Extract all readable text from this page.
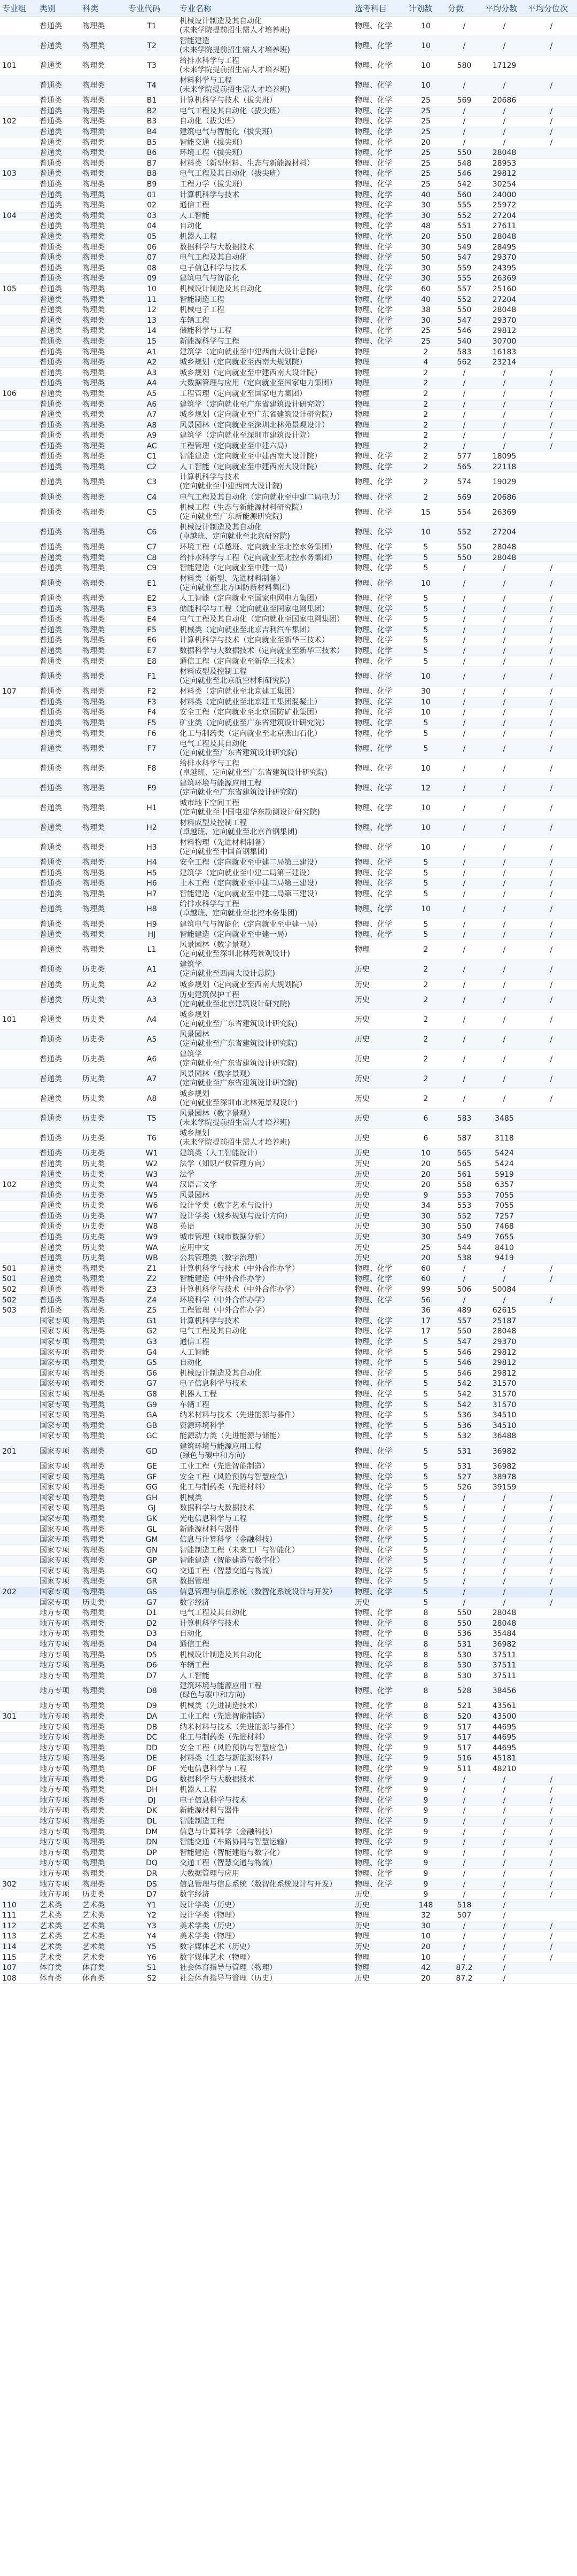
专业组	类别	科类	专业代码	专业名称	选考科目	计划数	分数	平均分数	平均分位次
	普通类	物理类	T1	机械设计制造及其自动化
(未来学院提前招生需人才培养班)	物理、化学	10	/	/	/
	普通类	物理类	T2	智能建造
(未来学院提前招生需人才培养班)	物理、化学	10	/	/	/
101	普通类	物理类	T3	给排水科学与工程
(未来学院提前招生需人才培养班)	物理、化学	10	580	17129	
	普通类	物理类	T4	材料科学与工程
(未来学院提前招生需人才培养班)	物理、化学	10	/	/	/
	普通类	物理类	B1	计算机科学与技术（拔尖班）	物理、化学	25	569	20686	
	普通类	物理类	B2	电气工程及其自动化（拔尖班）	物理、化学	25	/	/	/
102	普通类	物理类	B3	自动化（拔尖班）	物理、化学	25	/	/	/
	普通类	物理类	B4	建筑电气与智能化（拔尖班）	物理、化学	25	/	/	/
	普通类	物理类	B5	智能交通（拔尖班）	物理、化学	20	/	/	/
	普通类	物理类	B6	环境工程（拔尖班）	物理、化学	25	550	28048	
	普通类	物理类	B7	材料类（新型材料、生态与新能源材料）	物理、化学	25	548	28953	
103	普通类	物理类	B8	电气工程及其自动化（拔尖班）	物理、化学	25	546	29812	
	普通类	物理类	B9	工程力学（拔尖班）	物理、化学	25	542	30254	
	普通类	物理类	01	计算机科学与技术	物理、化学	40	560	24000	
	普通类	物理类	02	通信工程	物理、化学	30	555	25972	
104	普通类	物理类	03	人工智能	物理、化学	30	552	27204	
	普通类	物理类	04	自动化	物理、化学	48	551	27611	
	普通类	物理类	05	机器人工程	物理、化学	20	550	28048	
	普通类	物理类	06	数据科学与大数据技术	物理、化学	30	549	28495	
	普通类	物理类	07	电气工程及其自动化	物理、化学	50	547	29370	
	普通类	物理类	08	电子信息科学与技术	物理、化学	30	559	24395	
	普通类	物理类	09	建筑电气与智能化	物理、化学	30	555	26369	
105	普通类	物理类	10	机械设计制造及其自动化	物理、化学	60	557	25160	
	普通类	物理类	11	智能制造工程	物理、化学	40	552	27204	
	普通类	物理类	12	机械电子工程	物理、化学	38	550	28048	
	普通类	物理类	13	车辆工程	物理、化学	30	547	29370	
	普通类	物理类	14	储能科学与工程	物理、化学	25	546	29812	
	普通类	物理类	15	新能源科学与工程	物理、化学	25	540	30700	
	普通类	物理类	A1	建筑学（定向就业至中建西南大设计总院）	物理	2	583	16183	
	普通类	物理类	A2	城乡规划（定向就业至西南大规划院）	物理	4	562	23214	
	普通类	物理类	A3	城乡规划（定向就业至中建西南大设计院）	物理	2	/	/	/
	普通类	物理类	A4	大数据管理与应用（定向就业至国家电力集团）	物理	2	/	/	/
106	普通类	物理类	A5	工程管理（定向就业至国家电力集团）	物理	2	/	/	/
	普通类	物理类	A6	建筑学（定向就业至广东省建筑设计研究院）	物理	2	/	/	/
	普通类	物理类	A7	城乡规划（定向就业至广东省建筑设计研究院）	物理	2	/	/	/
	普通类	物理类	A8	风景园林（定向就业至深圳北林苑景观设计）	物理	2	/	/	/
	普通类	物理类	A9	建筑学（定向就业至深圳市建筑设计院）	物理	2	/	/	/
	普通类	物理类	AC	工程管理（定向就业至中建六局）	物理	2	/	/	/
	普通类	物理类	C1	智能建造（定向就业至中建西南大设计院）	物理、化学	2	577	18095	
	普通类	物理类	C2	人工智能（定向就业至中建西南大设计院）	物理、化学	2	565	22118	
	普通类	物理类	C3	计算机科学与技术
(定向就业至中建西南大设计院)	物理、化学	2	574	19029	
	普通类	物理类	C4	电气工程及其自动化（定向就业至中建二局电力）	物理、化学	2	569	20686	
	普通类	物理类	C5	机械工程（生态与新能源材料研究院）
(定向就业至广东新能源研究院)	物理、化学	15	554	26369	
	普通类	物理类	C6	机械设计制造及其自动化
(卓越班、定向就业至北京研究院)	物理、化学	10	552	27204	
	普通类	物理类	C7	环境工程（卓越班、定向就业至北控水务集团）	物理、化学	5	550	28048	
	普通类	物理类	C8	给排水科学与工程（定向就业至北控水务集团）	物理、化学	5	550	28048	
	普通类	物理类	C9	智能建造（定向就业至中建一局）	物理、化学	5	/	/	/
	普通类	物理类	E1	材料类（新型、先进材料制备）
(定向就业至北方国防新材料集团)	物理、化学	10	/	/	/
	普通类	物理类	E2	人工智能（定向就业至国家电网电力集团）	物理、化学	5	/	/	/
	普通类	物理类	E3	储能科学与工程（定向就业至国家电网集团）	物理、化学	5	/	/	/
	普通类	物理类	E4	电气工程及其自动化（定向就业至国家电网集团）	物理、化学	5	/	/	/
	普通类	物理类	E5	机械类（定向就业至北京吉利汽车集团）	物理、化学	5	/	/	/
	普通类	物理类	E6	计算机科学与技术（定向就业至新华三技术）	物理、化学	5	/	/	/
	普通类	物理类	E7	数据科学与大数据技术（定向就业至新华三技术）	物理、化学	5	/	/	/
	普通类	物理类	E8	通信工程（定向就业至新华三技术）	物理、化学	5	/	/	/
	普通类	物理类	F1	材料成型及控制工程
(定向就业至北京航空材料研究院)	物理、化学	10	/	/	/
107	普通类	物理类	F2	材料类（定向就业至北京建工集团）	物理、化学	30	/	/	/
	普通类	物理类	F3	材料类（定向就业至北京建工集团混凝土）	物理、化学	10	/	/	/
	普通类	物理类	F4	安全工程（定向就业至北京国防矿业集团）	物理、化学	10	/	/	/
	普通类	物理类	F5	矿业类（定向就业至广东省建筑设计研究院）	物理、化学	5	/	/	/
	普通类	物理类	F6	化工与制药类（定向就业至北京燕山石化）	物理、化学	5	/	/	/
	普通类	物理类	F7	电气工程及其自动化
(定向就业至广东省建筑设计研究院)	物理、化学	5	/	/	/
	普通类	物理类	F8	给排水科学与工程
(卓越班、定向就业至广东省建筑设计研究院)	物理、化学	10	/	/	/
	普通类	物理类	F9	建筑环境与能源应用工程
(定向就业至广东省建筑设计研究院)	物理、化学	12	/	/	/
	普通类	物理类	H1	城市地下空间工程
(定向就业至中国电建华东勘测设计研究院)	物理、化学	10	/	/	/
	普通类	物理类	H2	材料成型及控制工程
(卓越班、定向就业至北京首钢集团)	物理、化学	10	/	/	/
	普通类	物理类	H3	材料物理（先进材料制备）
(定向就业至中国首钢集团)	物理、化学	10	/	/	/
	普通类	物理类	H4	安全工程（定向就业至中建二局第三建设）	物理、化学	5	/	/	/
	普通类	物理类	H5	建筑学（定向就业至中建二局第三建设）	物理、化学	5	/	/	/
	普通类	物理类	H6	土木工程（定向就业至中建二局第三建设）	物理、化学	5	/	/	/
	普通类	物理类	H7	智能建造（定向就业至中建二局第三建设）	物理、化学	5	/	/	/
	普通类	物理类	H8	给排水科学与工程
(卓越班、定向就业至北控水务集团)	物理、化学	10	/	/	/
	普通类	物理类	H9	建筑电气与智能化（定向就业至中建一局）	物理、化学	5	/	/	/
	普通类	物理类	HJ	智能建造（定向就业至中建一局）	物理、化学	5	/	/	/
	普通类	物理类	L1	风景园林（数字景观）
(定向就业至深圳北林苑景观设计)	物理	2	/	/	/
	普通类	历史类	A1	建筑学
(定向就业至西南大设计总院)	历史	2	/	/	/
	普通类	历史类	A2	城乡规划（定向就业至西南大规划院）	历史	2	/	/	/
	普通类	历史类	A3	历史建筑保护工程
(定向就业至北京建筑设计研究院)	历史	2	/	/	/
101	普通类	历史类	A4	城乡规划
(定向就业至广东省建筑设计研究院)	历史	2	/	/	/
	普通类	历史类	A5	风景园林
(定向就业至广东省建筑设计研究院)	历史	2	/	/	/
	普通类	历史类	A6	建筑学
(定向就业至广东省建筑设计研究院)	历史	2	/	/	/
	普通类	历史类	A7	风景园林（数字景观）
(定向就业至广东省建筑设计研究院)	历史	2	/	/	/
	普通类	历史类	A8	城乡规划
(定向就业至深圳市北林苑景观设计)	历史	2	/	/	/
	普通类	历史类	T5	风景园林（数字景观）
(未来学院提前招生需人才培养班)	历史	6	583	3485	
	普通类	历史类	T6	城乡规划
(未来学院提前招生需人才培养班)	历史	6	587	3118	
	普通类	历史类	W1	建筑类（人工智能设计）	历史	10	565	5424	
	普通类	历史类	W2	法学（知识产权管理方向）	历史	20	565	5424	
	普通类	历史类	W3	法学	历史	20	561	5919	
102	普通类	历史类	W4	汉语言文学	历史	20	558	6357	
	普通类	历史类	W5	风景园林	历史	9	553	7055	
	普通类	历史类	W6	设计学类（数字艺术与设计）	历史	34	553	7055	
	普通类	历史类	W7	设计学类（城乡规划与设计方向）	历史	30	552	7257	
	普通类	历史类	W8	英语	历史	30	550	7468	
	普通类	历史类	W9	城市管理（城市数据分析）	历史	30	549	7655	
	普通类	历史类	WA	应用中文	历史	25	544	8410	
	普通类	历史类	WB	公共管理类（数字治理）	历史	20	538	9419	
501	普通类	物理类	Z1	计算机科学与技术（中外合作办学）	物理、化学	60	/	/	/
501	普通类	物理类	Z2	智能建造（中外合作办学）	物理、化学	60	/	/	/
502	普通类	物理类	Z3	计算机科学与技术（中外合作办学）	物理、化学	99	506	50084	
502	普通类	物理类	Z4	环境科学（中外合作办学）	物理、化学	56	/	/	/
503	普通类	物理类	Z5	工程管理（中外合作办学）	物理	36	489	62615	
	国家专项	物理类	G1	计算机科学与技术	物理、化学	17	557	25187	
	国家专项	物理类	G2	电气工程及其自动化	物理、化学	17	550	28048	
	国家专项	物理类	G3	通信工程	物理、化学	5	547	29370	
	国家专项	物理类	G4	人工智能	物理、化学	5	546	29812	
	国家专项	物理类	G5	自动化	物理、化学	5	546	29812	
	国家专项	物理类	G6	机械设计制造及其自动化	物理、化学	5	546	29812	
	国家专项	物理类	G7	电子信息科学与技术	物理、化学	5	542	31570	
	国家专项	物理类	G8	机器人工程	物理、化学	5	542	31570	
	国家专项	物理类	G9	车辆工程	物理、化学	5	542	31570	
	国家专项	物理类	GA	纳米材料与技术（先进能源与器件）	物理、化学	5	536	34510	
	国家专项	物理类	GB	资源环境科学	物理、化学	5	536	34510	
	国家专项	物理类	GC	能源动力类（先进能源与储能）	物理、化学	5	532	36488	
201	国家专项	物理类	GD	建筑环境与能源应用工程
(绿色与碳中和方向)	物理、化学	5	531	36982	
	国家专项	物理类	GE	工业工程（先进智能制造）	物理、化学	5	531	36982	
	国家专项	物理类	GF	安全工程（风险预防与智慧应急）	物理、化学	5	527	38978	
	国家专项	物理类	GG	化工与制药类（先进材料）	物理、化学	5	526	39159	
	国家专项	物理类	GH	机械类	物理、化学	5	/	/	/
	国家专项	物理类	GJ	数据科学与大数据技术	物理、化学	5	/	/	/
	国家专项	物理类	GK	光电信息科学与工程	物理、化学	5	/	/	/
	国家专项	物理类	GL	新能源材料与器件	物理、化学	5	/	/	/
	国家专项	物理类	GM	信息与计算科学（金融科技）	物理、化学	5	/	/	/
	国家专项	物理类	GN	智能制造工程（未来工厂与智能化）	物理、化学	5	/	/	/
	国家专项	物理类	GP	智能建造（智能建造与数字化）	物理、化学	5	/	/	/
	国家专项	物理类	GQ	交通工程（智慧交通与物流）	物理、化学	5	/	/	/
	国家专项	物理类	GR	数据管理	物理、化学	5	/	/	/
202	国家专项	物理类	GS	信息管理与信息系统（数智化系统设计与开发）	物理、化学	5	/	/	/
	国家专项	历史类	G7	数字经济	历史	5	/	/	/
	地方专项	物理类	D1	电气工程及其自动化	物理、化学	8	550	28048	
	地方专项	物理类	D2	计算机科学与技术	物理、化学	8	550	28048	
	地方专项	物理类	D3	自动化	物理、化学	8	536	35484	
	地方专项	物理类	D4	通信工程	物理、化学	8	531	36982	
	地方专项	物理类	D5	机械设计制造及其自动化	物理、化学	8	530	37511	
	地方专项	物理类	D6	车辆工程	物理、化学	8	530	37511	
	地方专项	物理类	D7	人工智能	物理、化学	8	530	37511	
	地方专项	物理类	D8	建筑环境与能源应用工程
(绿色与碳中和方向)	物理、化学	8	528	38456	
	地方专项	物理类	D9	机械类（先进制造技术）	物理、化学	8	521	43561	
301	地方专项	物理类	DA	工业工程（先进智能制造）	物理、化学	8	520	43500	
	地方专项	物理类	DB	纳米材料与技术（先进能源与器件）	物理、化学	9	517	44695	
	地方专项	物理类	DC	化工与制药类（先进材料）	物理、化学	9	517	44695	
	地方专项	物理类	DD	安全工程（风险预防与智慧应急）	物理、化学	9	517	44695	
	地方专项	物理类	DE	材料类（生态与新能源材料）	物理、化学	9	516	45181	
	地方专项	物理类	DF	光电信息科学与工程	物理、化学	9	511	48210	
	地方专项	物理类	DG	数据科学与大数据技术	物理、化学	9	/	/	/
	地方专项	物理类	DH	机器人工程	物理、化学	9	/	/	/
	地方专项	物理类	DJ	电子信息科学与技术	物理、化学	9	/	/	/
	地方专项	物理类	DK	新能源材料与器件	物理、化学	9	/	/	/
	地方专项	物理类	DL	智能制造工程	物理、化学	9	/	/	/
	地方专项	物理类	DM	信息与计算科学（金融科技）	物理、化学	9	/	/	/
	地方专项	物理类	DN	智能交通（车路协同与智慧运输）	物理、化学	9	/	/	/
	地方专项	物理类	DP	智能建造（智能建造与数字化）	物理、化学	9	/	/	/
	地方专项	物理类	DQ	交通工程（智慧交通与物流）	物理、化学	9	/	/	/
	地方专项	物理类	DR	大数据管理与应用	物理、化学	9	/	/	/
302	地方专项	物理类	DS	信息管理与信息系统（数智化系统设计与开发）	物理、化学	9	/	/	/
	地方专项	历史类	D7	数字经济	历史	9	/	/	/
110	艺术类	艺术类	Y1	设计学类（历史）	历史	148	518	/	
111	艺术类	艺术类	Y2	设计学类（物理）	物理	32	507	/	
112	艺术类	艺术类	Y3	美术学类（历史）	历史	30	/	/	/
113	艺术类	艺术类	Y4	美术学类（物理）	物理	10	/	/	/
114	艺术类	艺术类	Y5	数字媒体艺术（历史）	历史	20	/	/	/
115	艺术类	艺术类	Y6	数字媒体艺术（物理）	物理	10	/	/	/
107	体育类	体育类	S1	社会体育指导与管理（物理）	物理	42	87.2	/	
108	体育类	体育类	S2	社会体育指导与管理（历史）	历史	20	87.2	/	
